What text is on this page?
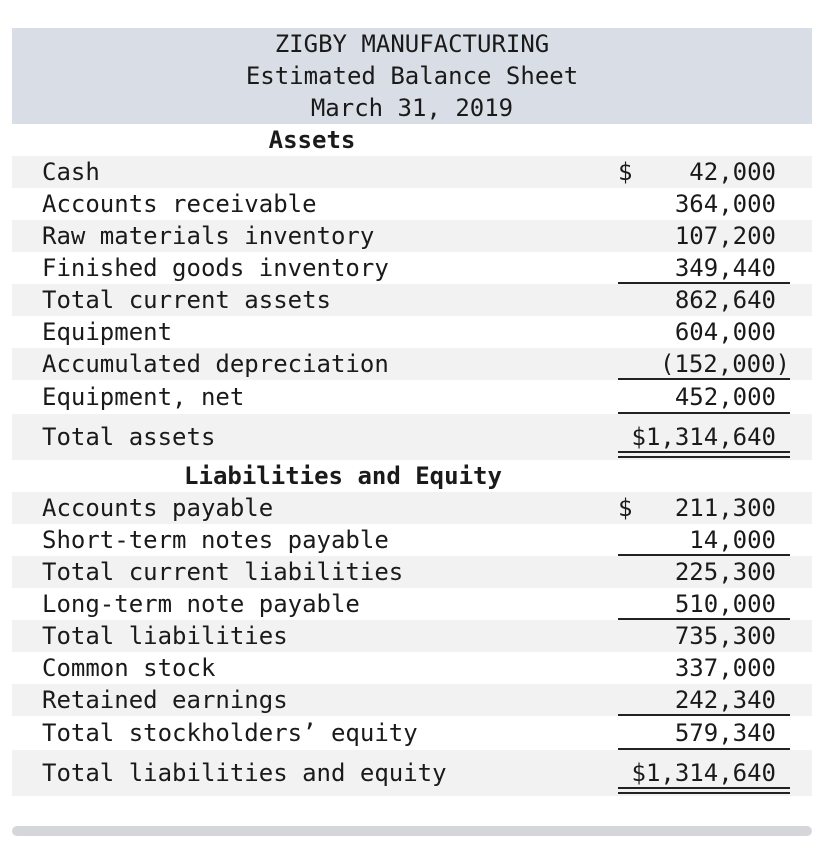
ZIGBY MANUFACTURING
Estimated Balance Sheet
March 31, 2019
Assets
Cash	$ 42,000
Accounts receivable	364,000
Raw materials inventory	107,200
Finished goods inventory	349,440
Total current assets	862,640
Equipment	604,000
Accumulated depreciation	(152,000)
Equipment, net	452,000
Total assets	$1,314,640
Liabilities and Equity
Accounts payable	$ 211,300
Short-term notes payable	14,000
Total current liabilities	225,300
Long-term note payable	510,000
Total liabilities	735,300
Common stock	337,000
Retained earnings	242,340
Total stockholders’ equity	579,340
Total liabilities and equity	$1,314,640
